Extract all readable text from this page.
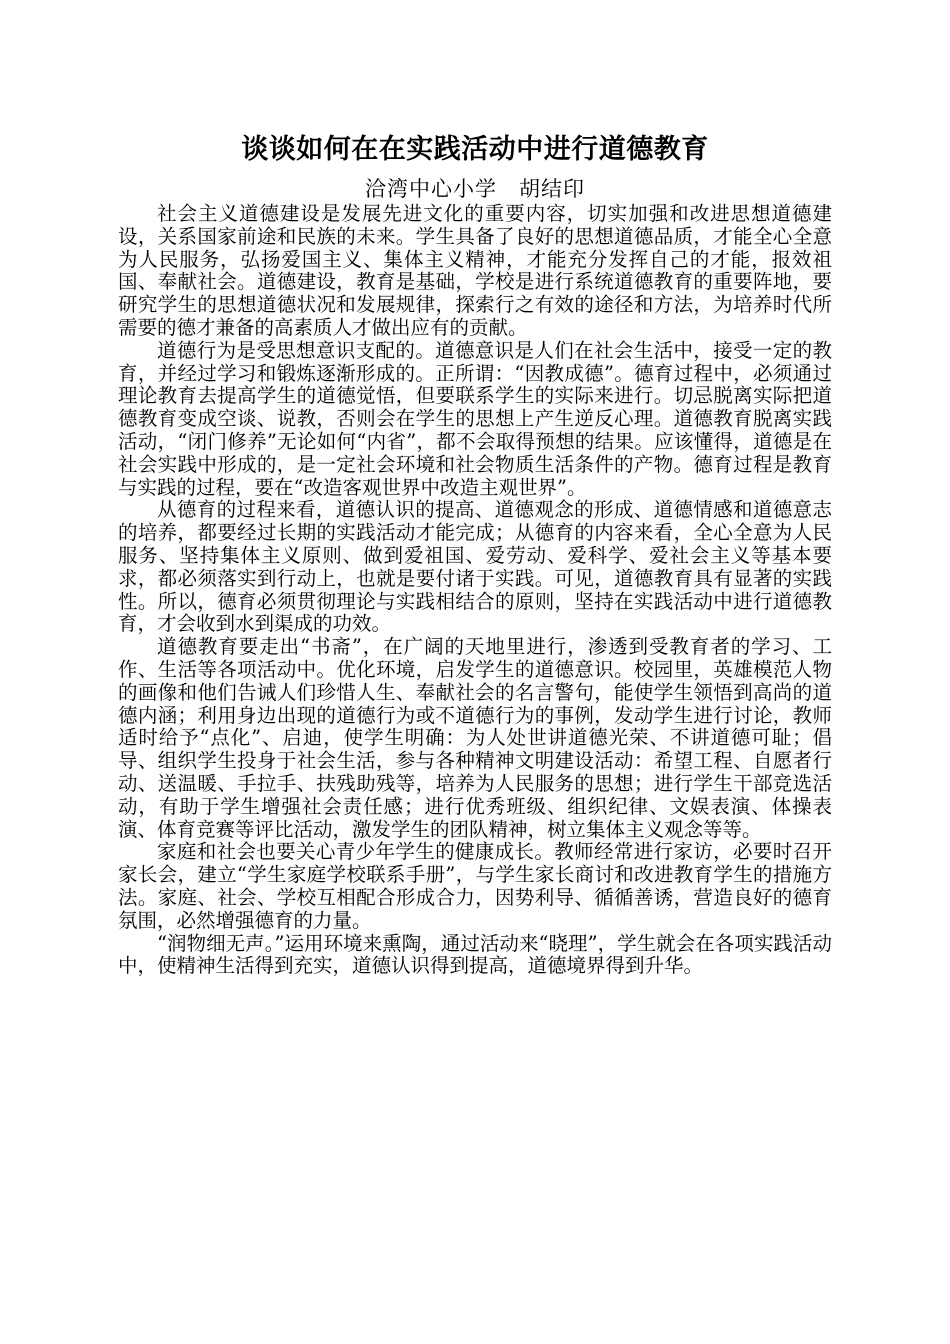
谈谈如何在在实践活动中进行道德教育
洽湾中心小学　胡结印

社会主义道德建设是发展先进文化的重要内容，切实加强和改进思想道德建设，关系国家前途和民族的未来。学生具备了良好的思想道德品质，才能全心全意为人民服务，弘扬爱国主义、集体主义精神，才能充分发挥自己的才能，报效祖国、奉献社会。道德建设，教育是基础，学校是进行系统道德教育的重要阵地，要研究学生的思想道德状况和发展规律，探索行之有效的途径和方法，为培养时代所需要的德才兼备的高素质人才做出应有的贡献。

道德行为是受思想意识支配的。道德意识是人们在社会生活中，接受一定的教育，并经过学习和锻炼逐渐形成的。正所谓：“因教成德”。德育过程中，必须通过理论教育去提高学生的道德觉悟，但要联系学生的实际来进行。切忌脱离实际把道德教育变成空谈、说教，否则会在学生的思想上产生逆反心理。道德教育脱离实践活动，“闭门修养”无论如何“内省”，都不会取得预想的结果。应该懂得，道德是在社会实践中形成的，是一定社会环境和社会物质生活条件的产物。德育过程是教育与实践的过程，要在“改造客观世界中改造主观世界”。

从德育的过程来看，道德认识的提高、道德观念的形成、道德情感和道德意志的培养，都要经过长期的实践活动才能完成；从德育的内容来看，全心全意为人民服务、坚持集体主义原则、做到爱祖国、爱劳动、爱科学、爱社会主义等基本要求，都必须落实到行动上，也就是要付诸于实践。可见，道德教育具有显著的实践性。所以，德育必须贯彻理论与实践相结合的原则，坚持在实践活动中进行道德教育，才会收到水到渠成的功效。

道德教育要走出“书斋”，在广阔的天地里进行，渗透到受教育者的学习、工作、生活等各项活动中。优化环境，启发学生的道德意识。校园里，英雄模范人物的画像和他们告诫人们珍惜人生、奉献社会的名言警句，能使学生领悟到高尚的道德内涵；利用身边出现的道德行为或不道德行为的事例，发动学生进行讨论，教师适时给予“点化”、启迪，使学生明确：为人处世讲道德光荣、不讲道德可耻；倡导、组织学生投身于社会生活，参与各种精神文明建设活动：希望工程、自愿者行动、送温暖、手拉手、扶残助残等，培养为人民服务的思想；进行学生干部竞选活动，有助于学生增强社会责任感；进行优秀班级、组织纪律、文娱表演、体操表演、体育竞赛等评比活动，激发学生的团队精神，树立集体主义观念等等。

家庭和社会也要关心青少年学生的健康成长。教师经常进行家访，必要时召开家长会，建立“学生家庭学校联系手册”，与学生家长商讨和改进教育学生的措施方法。家庭、社会、学校互相配合形成合力，因势利导、循循善诱，营造良好的德育氛围，必然增强德育的力量。

“润物细无声。”运用环境来熏陶，通过活动来“晓理”，学生就会在各项实践活动中，使精神生活得到充实，道德认识得到提高，道德境界得到升华。
